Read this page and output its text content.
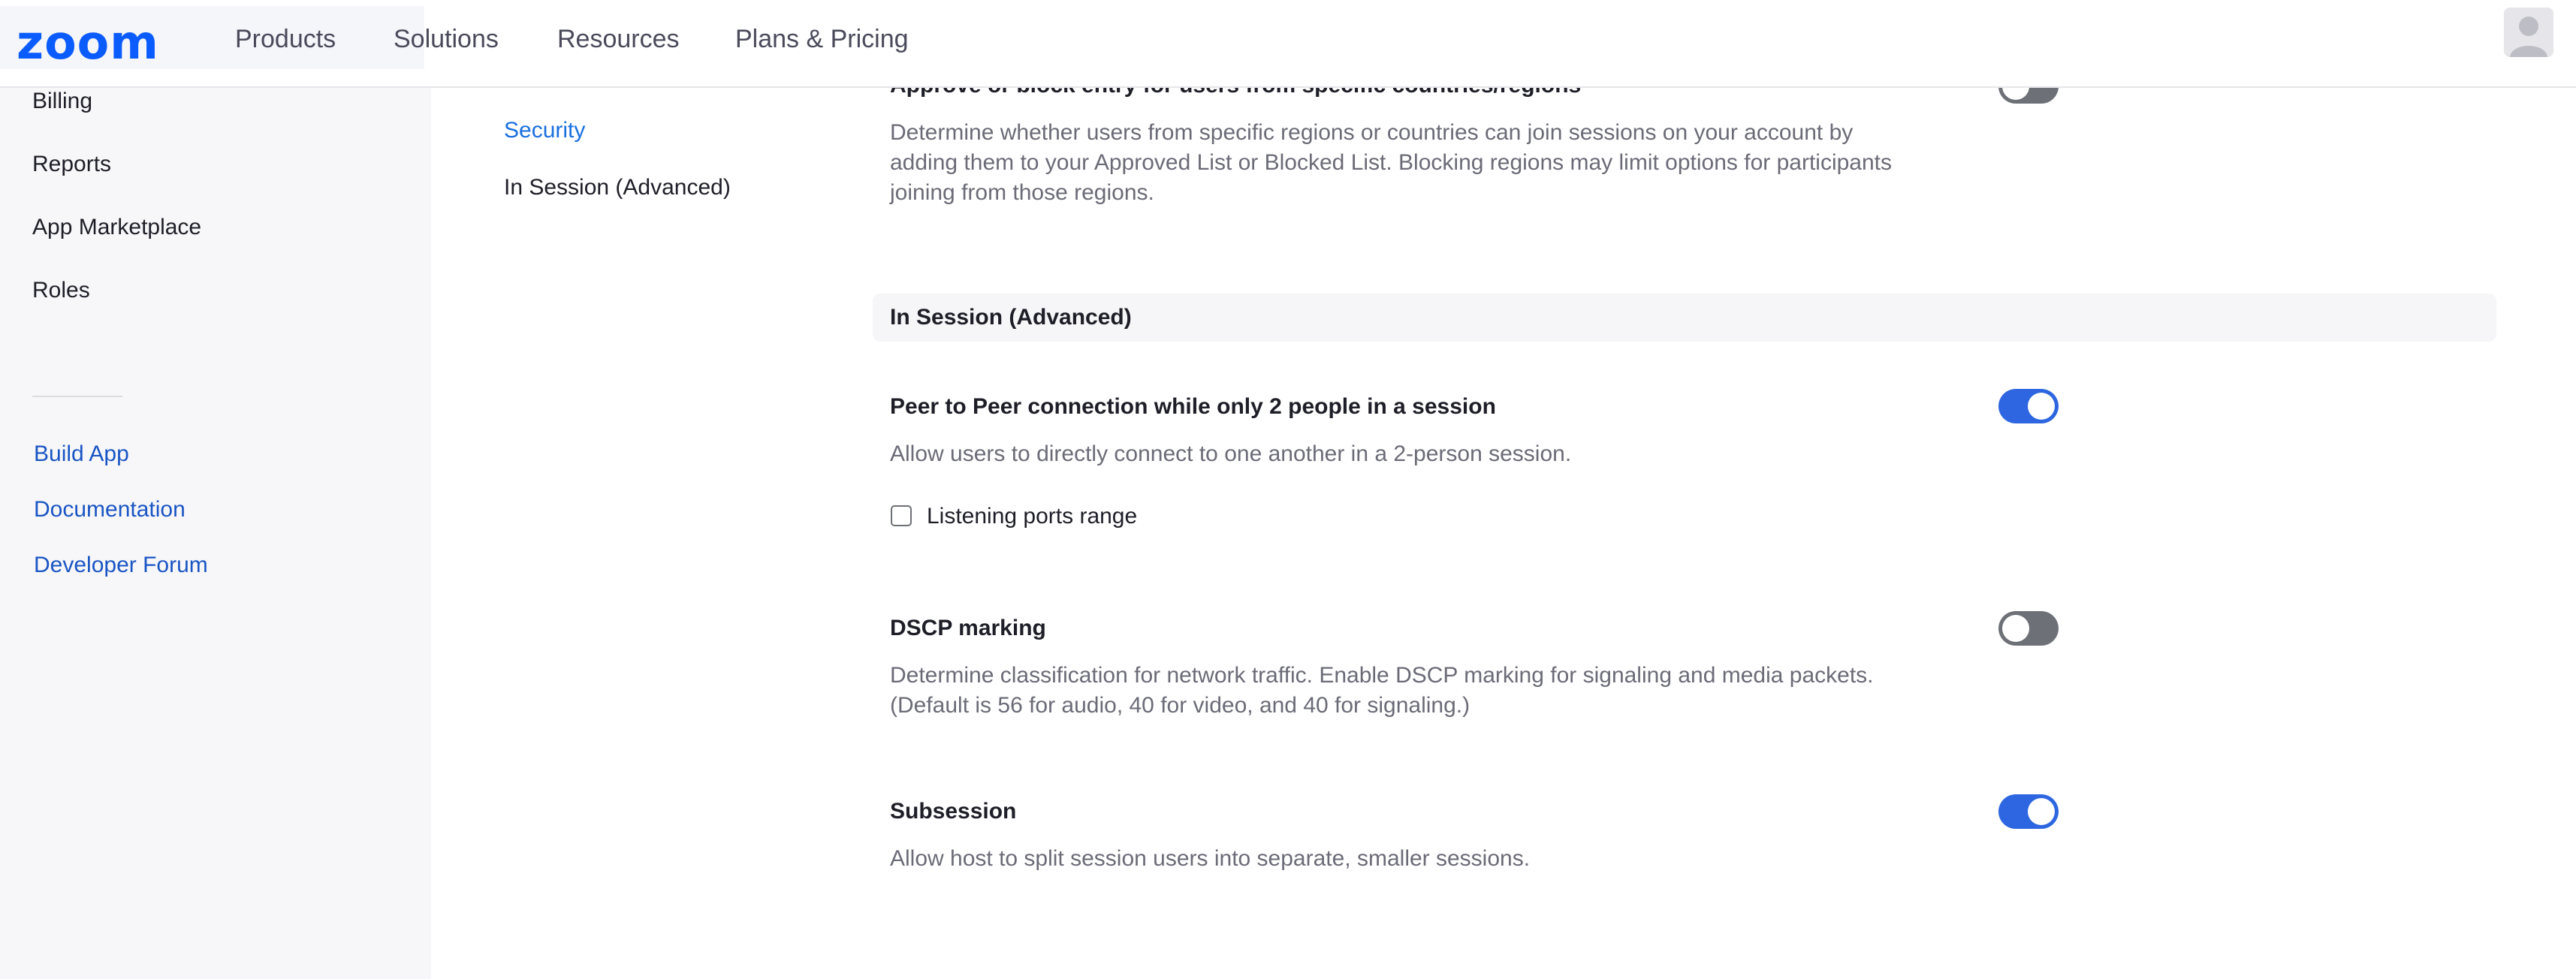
zoom	Products Solutions Resources Plans & Pricing
Billing
Reports
App Marketplace
Roles
Build App
Documentation
Developer Forum
Security
In Session (Advanced)
Determine whether users from specific regions or countries can join sessions on your account by
adding them to your Approved List or Blocked List. Blocking regions may limit options for participants
joining from those regions.
In Session (Advanced)
Peer to Peer connection while only 2 people in a session
Allow users to directly connect to one another in a 2-person session.
Listening ports range
DSCP marking
Determine classification for network traffic. Enable DSCP marking for signaling and media packets.
(Default is 56 for audio, 40 for video, and 40 for signaling.)
Subsession
Allow host to split session users into separate, smaller sessions.
